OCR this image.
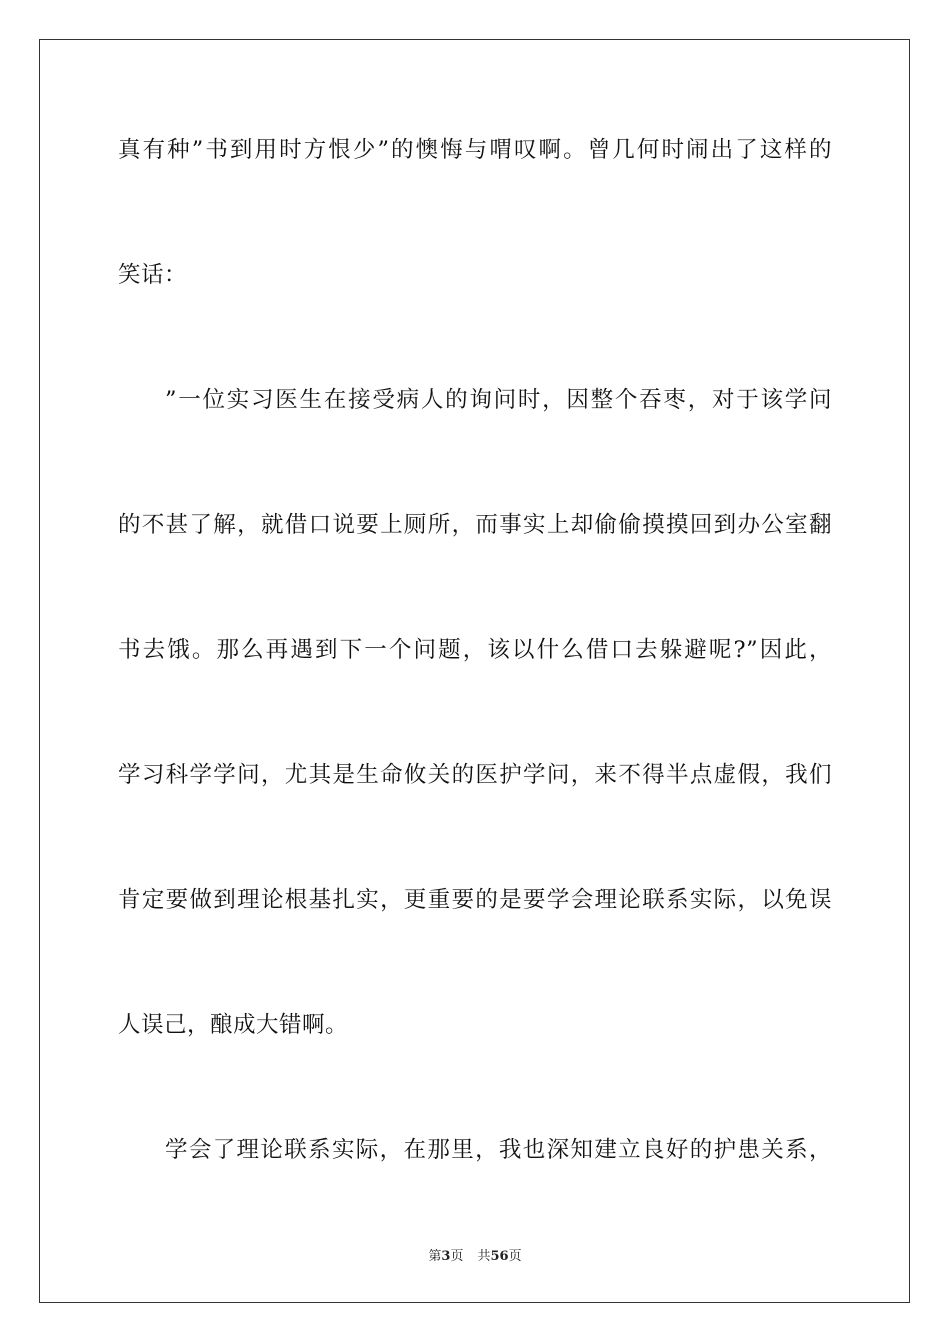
真有种”书到用时方恨少”的懊悔与喟叹啊。曾几何时闹出了这样的
笑话：
”一位实习医生在接受病人的询问时，因整个吞枣，对于该学问
的不甚了解，就借口说要上厕所，而事实上却偷偷摸摸回到办公室翻
书去饿。那么再遇到下一个问题，该以什么借口去躲避呢?”因此，
学习科学学问，尤其是生命攸关的医护学问，来不得半点虚假，我们
肯定要做到理论根基扎实，更重要的是要学会理论联系实际，以免误
人误己，酿成大错啊。
学会了理论联系实际，在那里，我也深知建立良好的护患关系，
第3页 共56页
